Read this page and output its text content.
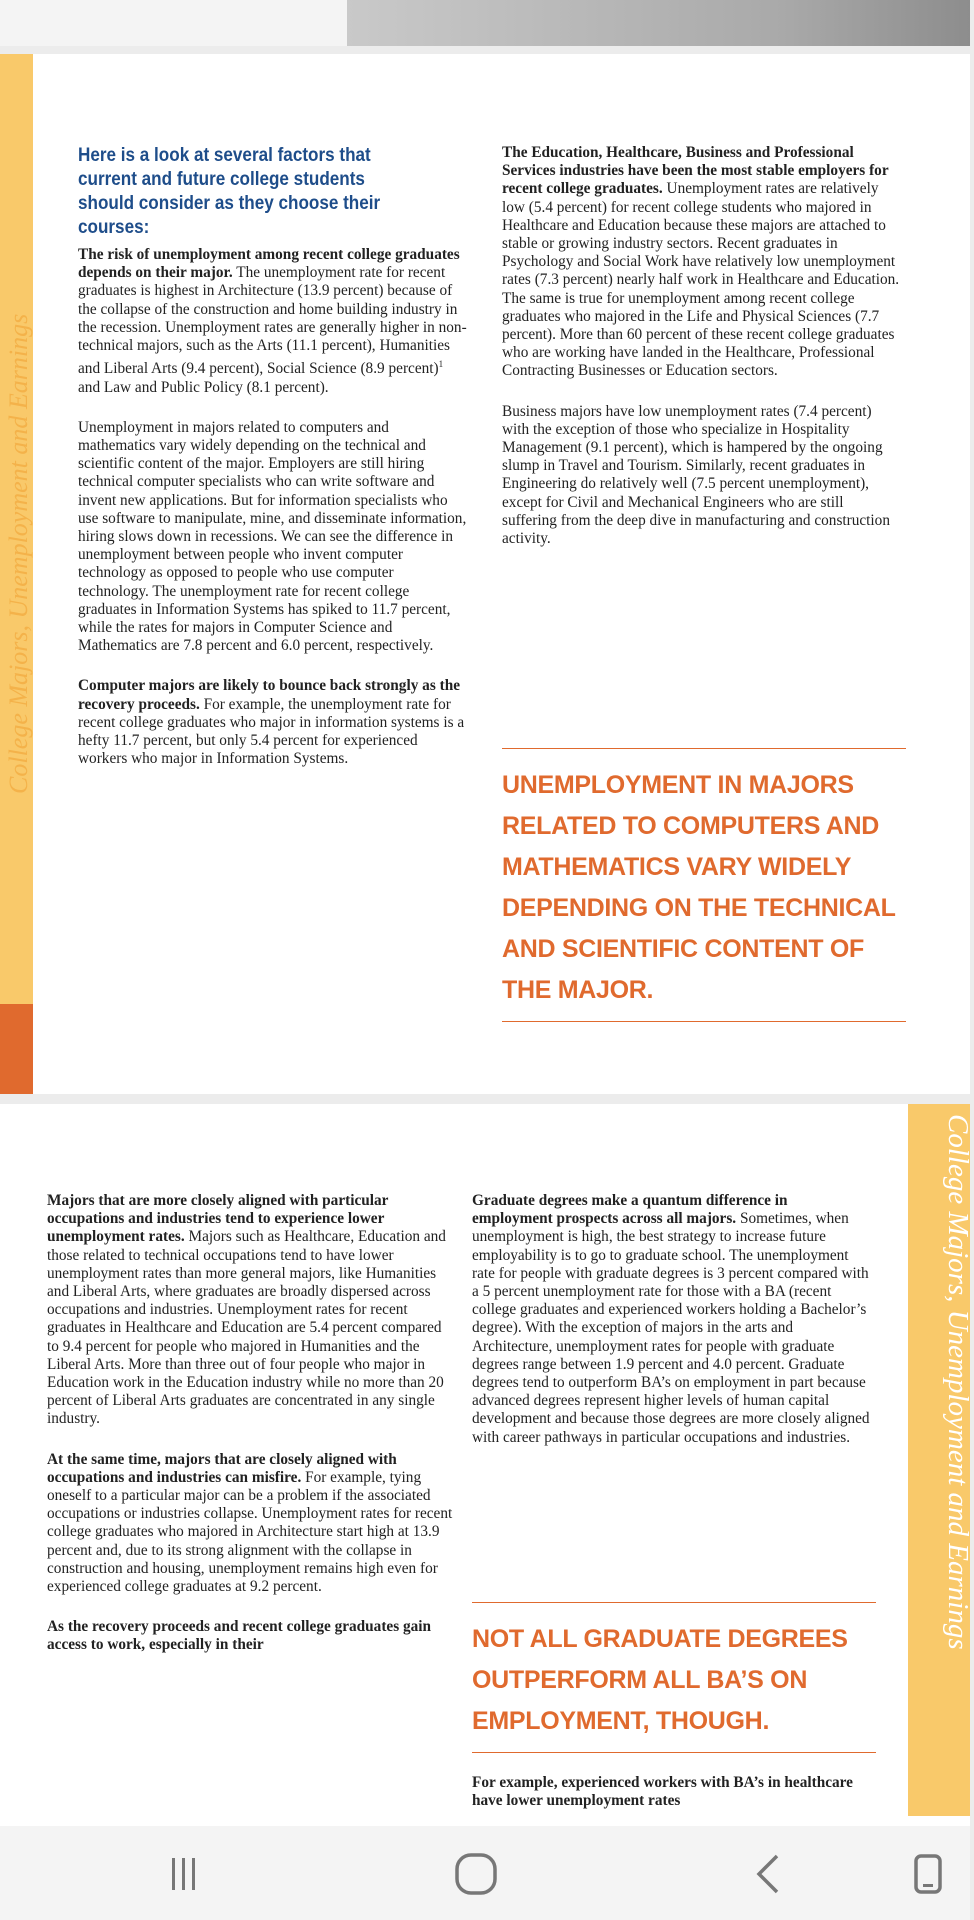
College Majors, Unemployment and Earnings
Here is a look at several factors that current and future college students should consider as they choose their courses:

The risk of unemployment among recent college graduates depends on their major. The unemployment rate for recent graduates is highest in Architecture (13.9 percent) because of the collapse of the construction and home building industry in the recession. Unemployment rates are generally higher in non-technical majors, such as the Arts (11.1 percent), Humanities and Liberal Arts (9.4 percent), Social Science (8.9 percent)$^1$ and Law and Public Policy (8.1 percent).

Unemployment in majors related to computers and mathematics vary widely depending on the technical and scientific content of the major. Employers are still hiring technical computer specialists who can write software and invent new applications. But for information specialists who use software to manipulate, mine, and disseminate information, hiring slows down in recessions. We can see the difference in unemployment between people who invent computer technology as opposed to people who use computer technology. The unemployment rate for recent college graduates in Information Systems has spiked to 11.7 percent, while the rates for majors in Computer Science and Mathematics are 7.8 percent and 6.0 percent, respectively.

Computer majors are likely to bounce back strongly as the recovery proceeds. For example, the unemployment rate for recent college graduates who major in information systems is a hefty 11.7 percent, but only 5.4 percent for experienced workers who major in Information Systems.

The Education, Healthcare, Business and Professional Services industries have been the most stable employers for recent college graduates. Unemployment rates are relatively low (5.4 percent) for recent college students who majored in Healthcare and Education because these majors are attached to stable or growing industry sectors. Recent graduates in Psychology and Social Work have relatively low unemployment rates (7.3 percent) nearly half work in Healthcare and Education. The same is true for unemployment among recent college graduates who majored in the Life and Physical Sciences (7.7 percent). More than 60 percent of these recent college graduates who are working have landed in the Healthcare, Professional Contracting Businesses or Education sectors.

Business majors have low unemployment rates (7.4 percent) with the exception of those who specialize in Hospitality Management (9.1 percent), which is hampered by the ongoing slump in Travel and Tourism. Similarly, recent graduates in Engineering do relatively well (7.5 percent unemployment), except for Civil and Mechanical Engineers who are still suffering from the deep dive in manufacturing and construction activity.

UNEMPLOYMENT IN MAJORS RELATED TO COMPUTERS AND MATHEMATICS VARY WIDELY DEPENDING ON THE TECHNICAL AND SCIENTIFIC CONTENT OF THE MAJOR.
College Majors, Unemployment and Earnings

Majors that are more closely aligned with particular occupations and industries tend to experience lower unemployment rates. Majors such as Healthcare, Education and those related to technical occupations tend to have lower unemployment rates than more general majors, like Humanities and Liberal Arts, where graduates are broadly dispersed across occupations and industries. Unemployment rates for recent graduates in Healthcare and Education are 5.4 percent compared to 9.4 percent for people who majored in Humanities and the Liberal Arts. More than three out of four people who major in Education work in the Education industry while no more than 20 percent of Liberal Arts graduates are concentrated in any single industry.

At the same time, majors that are closely aligned with occupations and industries can misfire. For example, tying oneself to a particular major can be a problem if the associated occupations or industries collapse. Unemployment rates for recent college graduates who majored in Architecture start high at 13.9 percent and, due to its strong alignment with the collapse in construction and housing, unemployment remains high even for experienced college graduates at 9.2 percent.

As the recovery proceeds and recent college graduates gain access to work, especially in their

Graduate degrees make a quantum difference in employment prospects across all majors. Sometimes, when unemployment is high, the best strategy to increase future employability is to go to graduate school. The unemployment rate for people with graduate degrees is 3 percent compared with a 5 percent unemployment rate for those with a BA (recent college graduates and experienced workers holding a Bachelor’s degree). With the exception of majors in the arts and Architecture, unemployment rates for people with graduate degrees range between 1.9 percent and 4.0 percent. Graduate degrees tend to outperform BA’s on employment in part because advanced degrees represent higher levels of human capital development and because those degrees are more closely aligned with career pathways in particular occupations and industries.

NOT ALL GRADUATE DEGREES OUTPERFORM ALL BA’S ON EMPLOYMENT, THOUGH.

For example, experienced workers with BA’s in healthcare have lower unemployment rates
